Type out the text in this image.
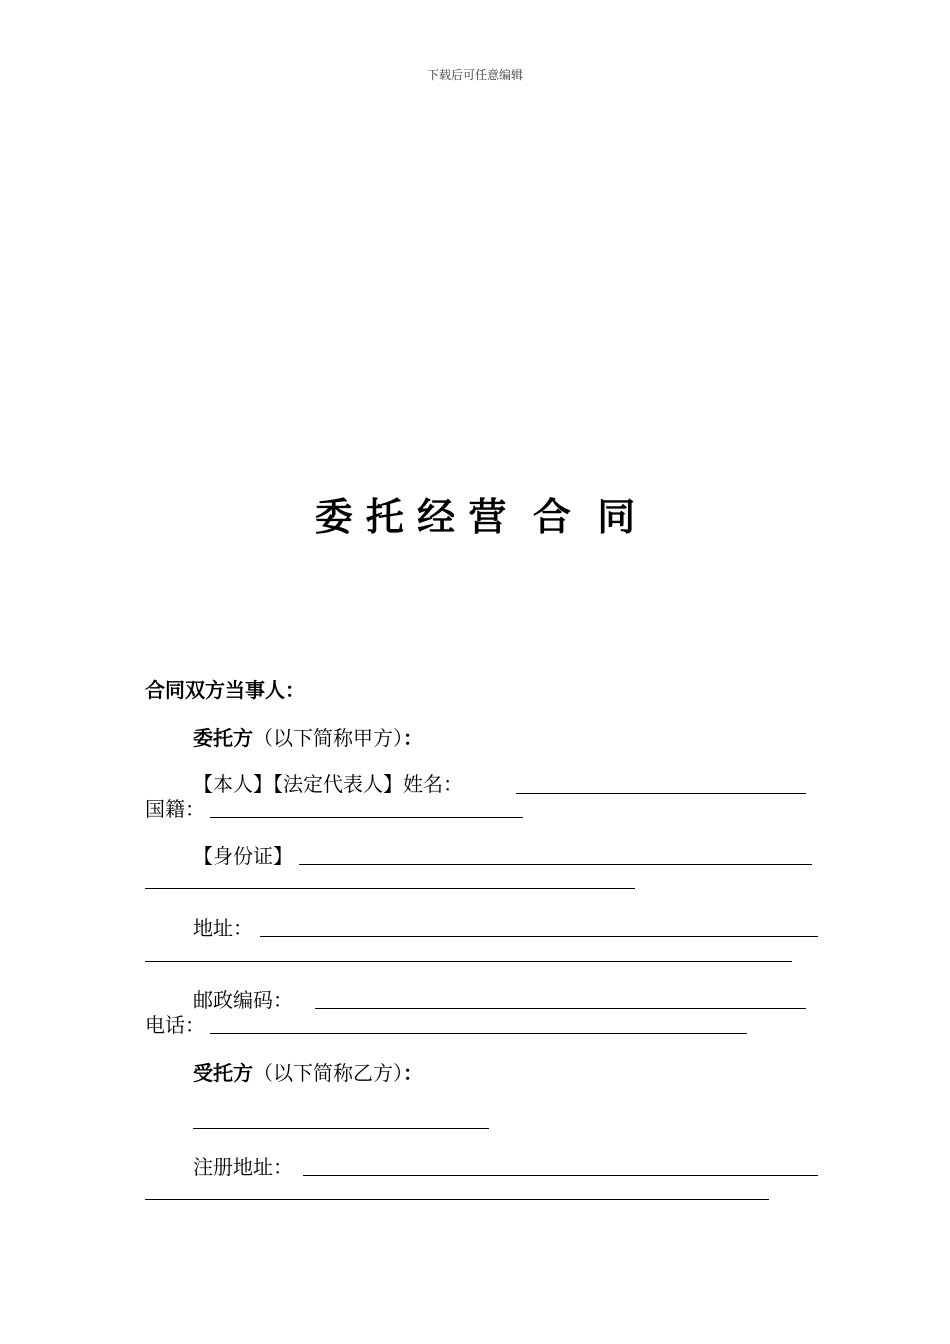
下载后可任意编辑
委 托 经 营  合  同
合同双方当事人：
委托方（以下简称甲方）：
【本人】【法定代表人】姓名：
国籍：
【身份证】
地址：
邮政编码：
电话：
受托方（以下简称乙方）：
注册地址：
